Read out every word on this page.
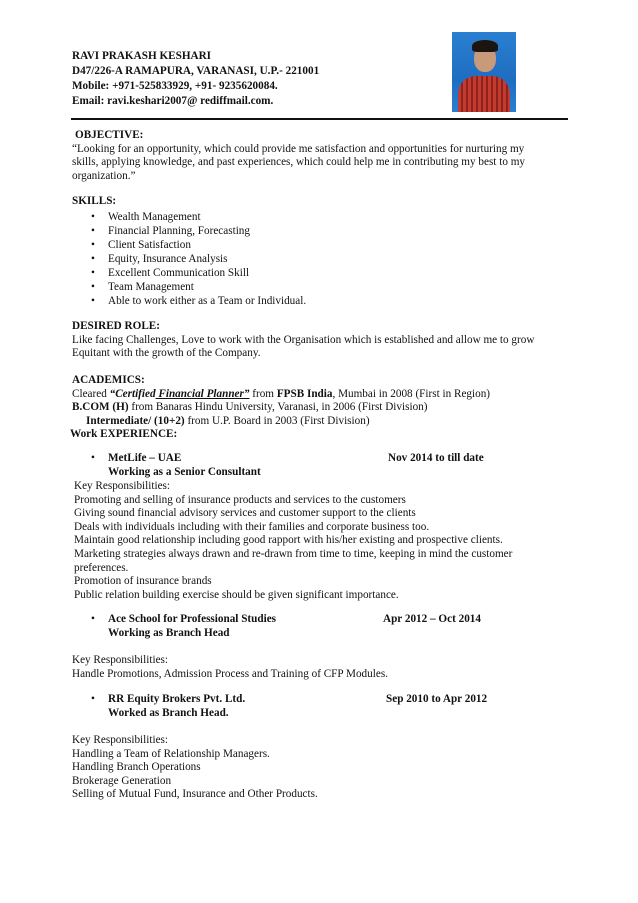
RAVI PRAKASH KESHARI
D47/226-A RAMAPURA, VARANASI, U.P.- 221001
Mobile: +971-525833929, +91- 9235620084.
Email: ravi.keshari2007@ rediffmail.com.
OBJECTIVE:
“Looking for an opportunity, which could provide me satisfaction and opportunities for nurturing my
skills, applying knowledge, and past experiences, which could help me in contributing my best to my
organization.”
SKILLS:
• Wealth Management
• Financial Planning, Forecasting
• Client Satisfaction
• Equity, Insurance Analysis
• Excellent Communication Skill
• Team Management
• Able to work either as a Team or Individual.
DESIRED ROLE:
Like facing Challenges, Love to work with the Organisation which is established and allow me to grow
Equitant with the growth of the Company.
ACADEMICS:
Cleared “Certified Financial Planner” from FPSB India, Mumbai in 2008 (First in Region)
B.COM (H) from Banaras Hindu University, Varanasi, in 2006 (First Division)
Intermediate/ (10+2) from U.P. Board in 2003 (First Division)
Work EXPERIENCE:
• MetLife – UAE	Nov 2014 to till date
Working as a Senior Consultant
Key Responsibilities:
Promoting and selling of insurance products and services to the customers
Giving sound financial advisory services and customer support to the clients
Deals with individuals including with their families and corporate business too.
Maintain good relationship including good rapport with his/her existing and prospective clients.
Marketing strategies always drawn and re-drawn from time to time, keeping in mind the customer
preferences.
Promotion of insurance brands
Public relation building exercise should be given significant importance.
• Ace School for Professional Studies	Apr 2012 – Oct 2014
Working as Branch Head
Key Responsibilities:
Handle Promotions, Admission Process and Training of CFP Modules.
• RR Equity Brokers Pvt. Ltd.	Sep 2010 to Apr 2012
Worked as Branch Head.
Key Responsibilities:
Handling a Team of Relationship Managers.
Handling Branch Operations
Brokerage Generation
Selling of Mutual Fund, Insurance and Other Products.
